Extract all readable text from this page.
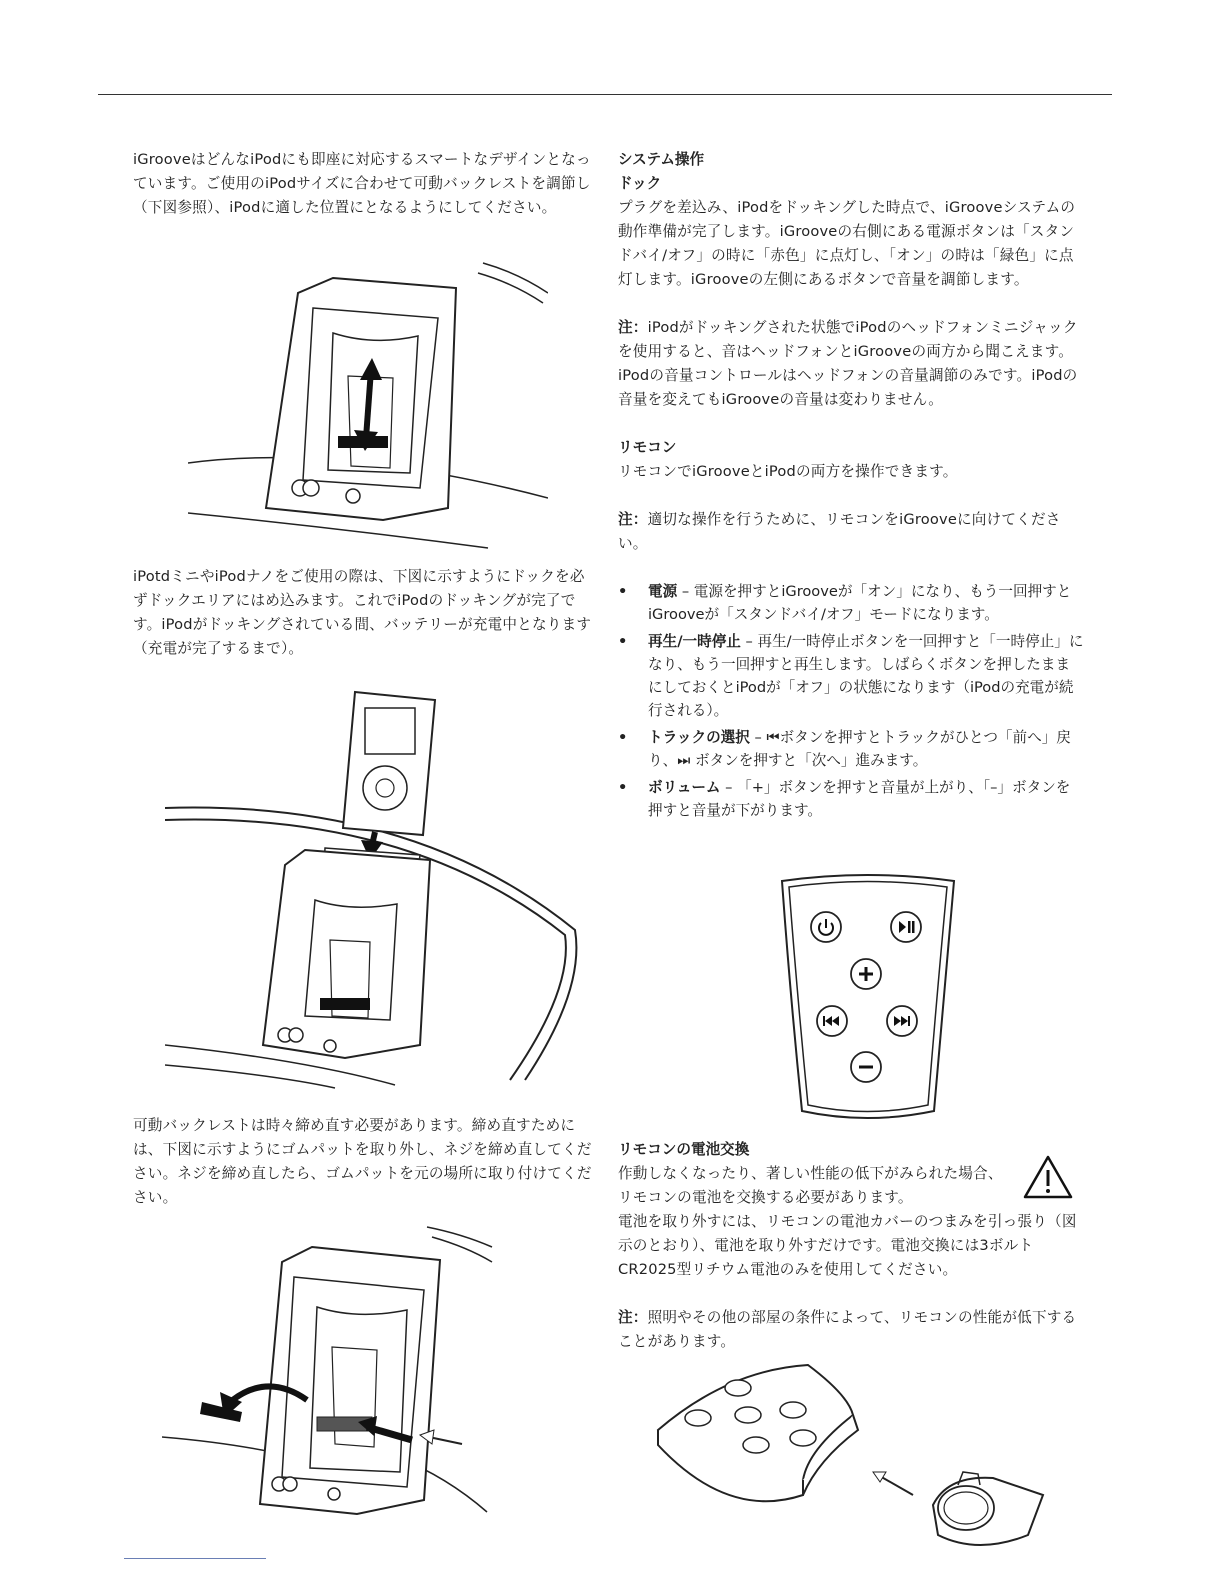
iGrooveはどんなiPodにも即座に対応するスマートなデザインとなっています。ご使用のiPodサイズに合わせて可動バックレストを調節し（下図参照）、iPodに適した位置にとなるようにしてください。

iPotdミニやiPodナノをご使用の際は、下図に示すようにドックを必ずドックエリアにはめ込みます。これでiPodのドッキングが完了です。iPodがドッキングされている間、バッテリーが充電中となります（充電が完了するまで）。

可動バックレストは時々締め直す必要があります。締め直すためには、下図に示すようにゴムパットを取り外し、ネジを締め直してください。ネジを締め直したら、ゴムパットを元の場所に取り付けてください。

システム操作

ドック

プラグを差込み、iPodをドッキングした時点で、iGrooveシステムの動作準備が完了します。iGrooveの右側にある電源ボタンは「スタンドバイ/オフ」の時に「赤色」に点灯し、「オン」の時は「緑色」に点灯します。iGrooveの左側にあるボタンで音量を調節します。

注：iPodがドッキングされた状態でiPodのヘッドフォンミニジャックを使用すると、音はヘッドフォンとiGrooveの両方から聞こえます。iPodの音量コントロールはヘッドフォンの音量調節のみです。iPodの音量を変えてもiGrooveの音量は変わりません。

リモコン

リモコンでiGrooveとiPodの両方を操作できます。

注：適切な操作を行うために、リモコンをiGrooveに向けてください。

• 電源 – 電源を押すとiGrooveが「オン」になり、もう一回押すとiGrooveが「スタンドバイ/オフ」モードになります。
• 再生/一時停止 – 再生/一時停止ボタンを一回押すと「一時停止」になり、もう一回押すと再生します。しばらくボタンを押したままにしておくとiPodが「オフ」の状態になります（iPodの充電が続行される）。
• トラックの選択 – ⏮ボタンを押すとトラックがひとつ「前へ」戻り、⏭ ボタンを押すと「次へ」進みます。
• ボリューム – 「+」ボタンを押すと音量が上がり、「–」ボタンを押すと音量が下がります。

リモコンの電池交換

作動しなくなったり、著しい性能の低下がみられた場合、リモコンの電池を交換する必要があります。

電池を取り外すには、リモコンの電池カバーのつまみを引っ張り（図示のとおり）、電池を取り外すだけです。電池交換には3ボルトCR2025型リチウム電池のみを使用してください。

注：照明やその他の部屋の条件によって、リモコンの性能が低下することがあります。
